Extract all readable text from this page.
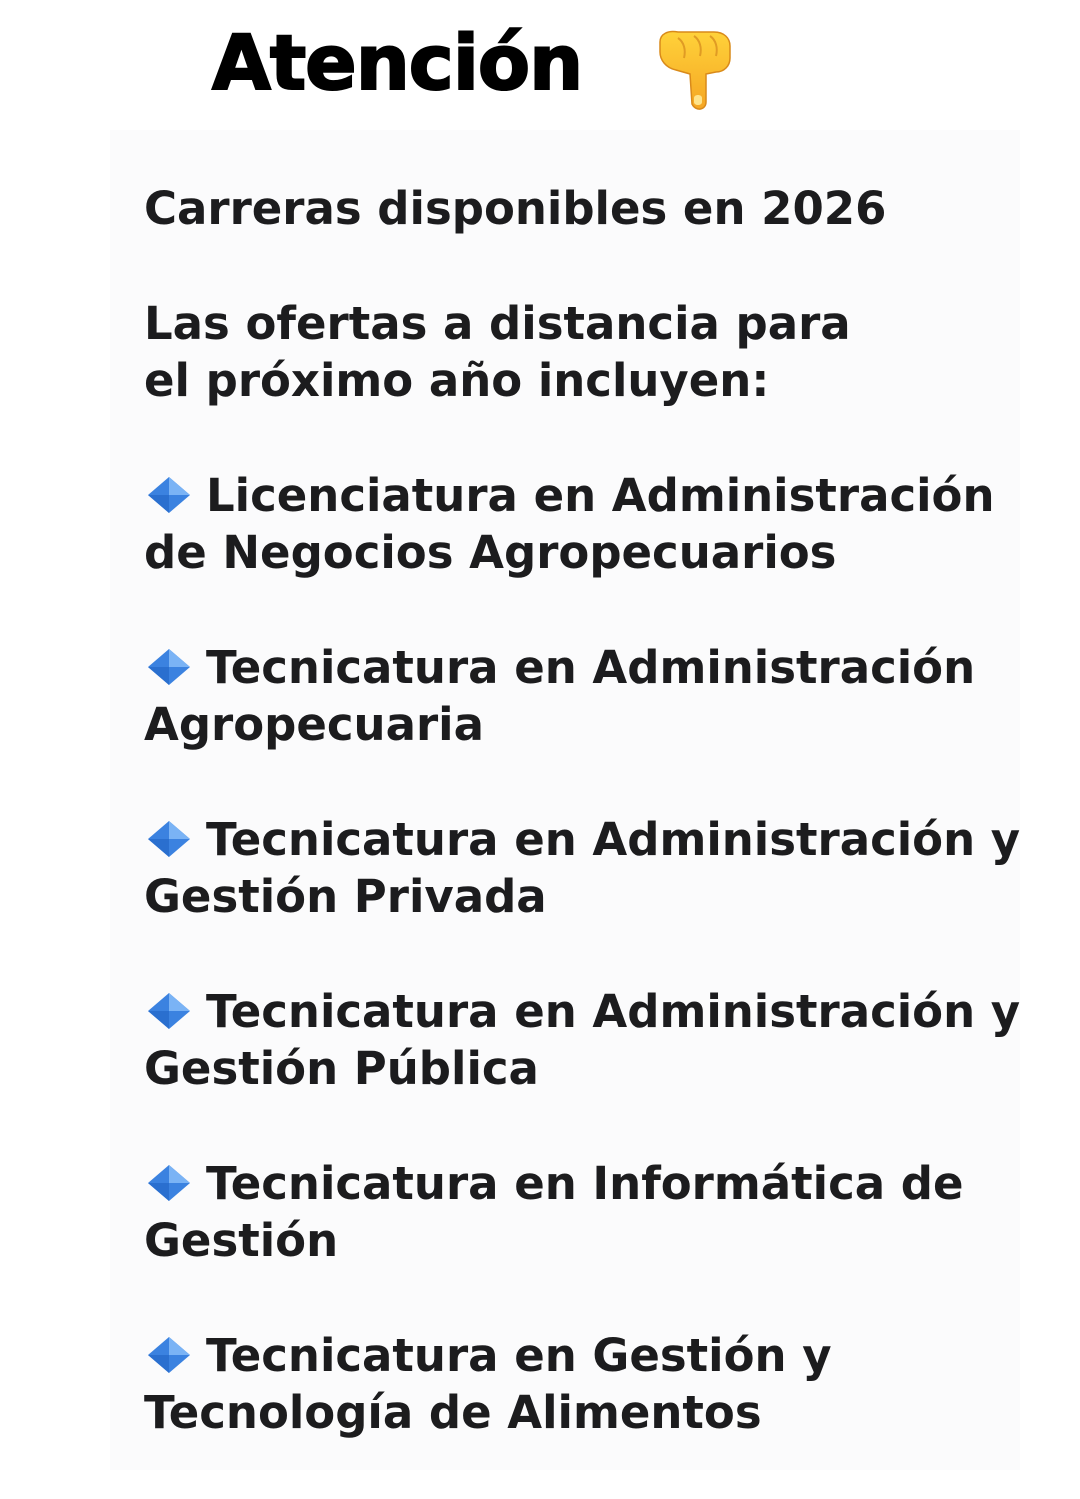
Atención

Carreras disponibles en 2026

Las ofertas a distancia para el próximo año incluyen:

Licenciatura en Administración
de Negocios Agropecuarios
Tecnicatura en Administración
Agropecuaria
Tecnicatura en Administración y
Gestión Privada
Tecnicatura en Administración y
Gestión Pública
Tecnicatura en Informática de
Gestión
Tecnicatura en Gestión y
Tecnología de Alimentos
